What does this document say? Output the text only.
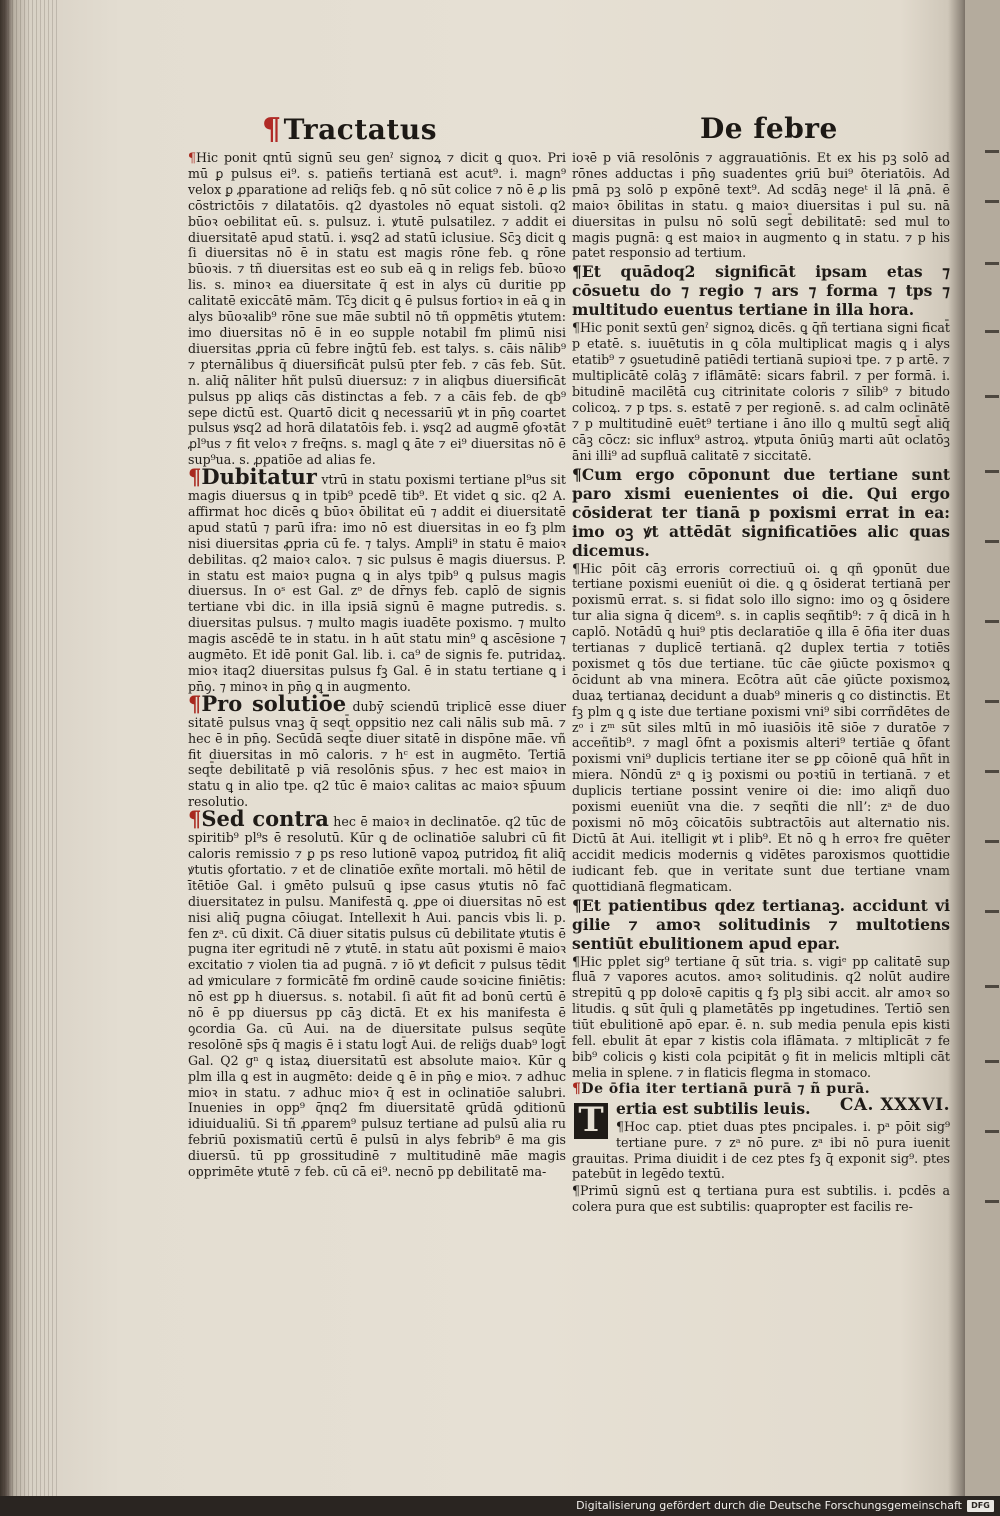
¶Tractatus	De febre

¶Hic ponit qntū signū seu genˀ signoꝝ ⁊ dicit ꝗ quoꝛ. Pri mū ꝑ pulsus ei⁹. s. patieñs tertianā est acut⁹. i. magn⁹ velox ꝑ ꝓparatione ad reliq̄s feb. ꝗ nō sūt colice ⁊ nō ē ꝓ lis cōstrictōis ⁊ dilatatōis. q2 dyastoles nō equat sistoli. q2 būoꝛ oebilitat eū. s. pulsuz. i. ꝟtutē pulsatilez. ⁊ addit ei diuersitatē apud statū. i. ꝟsq2 ad statū iclusiue. Sc̄ꝫ dicit ꝗ ſi diuersitas nō ē in statu est magis rōne feb. ꝗ rōne būoꝛis. ⁊ tñ diuersitas est eo sub eā ꝗ in religs feb. būoꝛo lis. s. minoꝛ ea diuersitate q̄ est in alys cū duritie pp calitatē exiccātē mām. Tc̄ꝫ dicit ꝗ ē pulsus fortioꝛ in eā ꝗ in alys būoꝛalib⁹ rōne sue mā̄e subtil nō tñ oppmētis ꝟtutem: imo diuersitas nō ē in eo supple notabil fm plimū nisi diuersitas ꝓpria cū febre inḡtū feb. est talys. s. cāis nālib⁹ ⁊ pternālibus q̄ diuersificāt pulsū pter feb. ⁊ cās feb. Sūt. n. aliq̄ nāliter hñt pulsū diuersuz: ⁊ in aliqbus diuersificāt pulsus pp aliqs cās distinctas a feb. ⁊ a cāis feb. de qb⁹ sepe dictū est. Quartō dicit ꝗ necessariū ꝟt in pn̄ꝯ coartet pulsus ꝟsq2 ad horā dilatatōis feb. i. ꝟsq2 ad augmē̄ ꝯfoꝛtāt ꝓl⁹us ⁊ fit veloꝛ ⁊ freq̄ns. s. magl ꝗ āte ⁊ ei⁹ diuersitas nō ē sup⁹ua. s. ꝓpatiōe ad alias fe.

¶Dubitatur vtrū in statu poxismi tertiane pl⁹us sit magis diuersus ꝗ in tpib⁹ pcedē tib⁹. Et videt ꝗ sic. q2 A. affirmat hoc dicēs ꝗ būoꝛ ōbilitat eū ⁊ addit ei diuersitatē apud statū ⁊ parū ifra: imo nō est diuersitas in eo fꝫ plm nisi diuersitas ꝓpria cū fe. ⁊ talys. Ampli⁹ in statu ē maioꝛ debilitas. q2 maioꝛ caloꝛ. ⁊ sic pulsus ē magis diuersus. P. in statu est maioꝛ pugna ꝗ in alys tpib⁹ ꝗ pulsus magis diuersus. In oˢ est Gal. zᵒ de dr̄nys feb. caplō de signis tertiane vbi dic. in illa ipsiā signū ē magne putredis. s. diuersitas pulsus. ⁊ multo magis iuadēte poxismo. ⁊ multo magis ascēdē te in statu. in h aūt statu min⁹ ꝗ ascēsione ⁊ augmēto. Et idē ponit Gal. lib. i. ca⁹ de signis fe. putridaꝝ. mioꝛ itaq2 diuersitas pulsus fꝫ Gal. ē in statu tertiane ꝗ i pn̄ꝯ. ⁊ minoꝛ in pn̄ꝯ ꝗ in augmento.

¶Pro solutiōe dubȳ sciendū triplicē esse diuer sitatē pulsus vnaꝫ q̄ seqt̄ oppsitio nez cali nālis sub mā. ⁊ hec ē in pn̄ꝯ. Secūdā seqt̄e diuer sitatē in dispōne mā̄e. vñ fit diuersitas in mō caloris. ⁊ hᶜ est in augmēto. Tertiā seqt̄e debilitatē p viā resolōnis sp̄us. ⁊ hec est maioꝛ in statu ꝗ in alio tpe. q2 tūc ē maioꝛ calitas ac maioꝛ sp̄uum resolutio.

¶Sed contra hec ē maioꝛ in declinatōe. q2 tūc de spiritib⁹ pl⁹s ē resolutū. Kūr ꝗ de oclinatiōe salubri cū fit caloris remissio ⁊ ꝑ ps reso lutionē vapoꝝ putridoꝝ fit aliq̄ ꝟtutis ꝯfortatio. ⁊ et de clinatiōe exñte mortali. mō hētil de ītētiōe Gal. i ꝯmēto pulsuū ꝗ ipse casus ꝟtutis nō fac̄ diuersitatez in pulsu. Manifestā ꝗ. ꝓpe oi diuersitas nō est nisi aliq̄ pugna cōiugat. Intellexit h Aui. pancis vbis li. p. fen zᵃ. cū dixit. Cā diuer sitatis pulsus cū debilitate ꝟtutis ē pugna iter egritudi nē ⁊ ꝟtutē. in statu aūt poxismi ē maioꝛ excitatio ⁊ violen tia ad pugnā. ⁊ iō ꝟt deficit ⁊ pulsus tēdit ad ꝟmiculare ⁊ formicātē fm ordinē caude soꝛicine finiētis: nō est ꝑp h diuersus. s. notabil. ſi aūt fit ad bonū certū ē nō ē pp diuersus pp cāꝫ dictā. Et ex his manifesta ē ꝯcordia Ga. cū Aui. na de diuersitate pulsus seqūte resolōnē sp̄s q̄ magis ē i statu logt̄ Aui. de relig̈s duab⁹ logt̄ Gal. Q2 gⁿ ꝗ istaꝝ diuersitatū est absolute maioꝛ. Kūr ꝗ plm illa ꝗ est in augmēto: deide ꝗ ē in pn̄ꝯ e mioꝛ. ⁊ adhuc mioꝛ in statu. ⁊ adhuc mioꝛ q̄ est in oclinatiōe salubri. Inuenies in opp⁹ q̄nq2 fm diuersitatē ꝗrūdā ꝯditionū idiuidualiū. Si tñ ꝓparem⁹ pulsuz tertiane ad pulsū alia ru febriū poxismatiū certū ē pulsū in alys febrib⁹ ē ma gis diuersū. tū pp grossitudinē ⁊ multitudinē mā̄e magis opprimēte ꝟtutē ⁊ feb. cū cā ei⁹. necnō pp debilitatē ma-

ioꝛē p viā resolōnis ⁊ aggrauatiōnis. Et ex his pꝫ solō ad rōnes adductas i pn̄ꝯ suadentes ꝯriū bui⁹ ōteriatōis. Ad pmā pꝫ solō p expōnē text⁹. Ad scdāꝫ negeᵗ il lā ꝓnā. ē maioꝛ ōbilitas in statu. ꝗ maioꝛ diuersitas i pul su. nā diuersitas in pulsu nō solū segt̄ debilitatē: sed mul to magis pugnā: ꝗ est maioꝛ in augmento ꝗ in statu. ⁊ p his patet responsio ad tertium.

¶Et quādoq2 significāt ipsam etas ⁊ cōsuetu do ⁊ regio ⁊ ars ⁊ forma ⁊ tps ⁊ multitudo euentus tertiane in illa hora.

¶Hic ponit sextū genˀ signoꝝ dicēs. ꝗ q̄ñ tertiana signi ficat̄ p etatē. s. iuuētutis in ꝗ cōla multiplicat magis ꝗ i alys etatib⁹ ⁊ ꝯsuetudinē patiēdi tertianā supioꝛi tpe. ⁊ p artē. ⁊ multiplicātē colāꝫ ⁊ iflāmātē: sicars fabril. ⁊ per formā. i. bitudinē macilētā cuꝫ citrinitate coloris ⁊ sīlib⁹ ⁊ bitudo colicoꝝ. ⁊ p tps. s. estatē ⁊ per regionē. s. ad calm oclinātē ⁊ p multitudinē euēt⁹ tertiane i āno illo ꝗ multū segt̄ aliq̄ cāꝫ cōcz: sic influx⁹ astroꝝ. ꝟtputa ōniūꝫ marti aūt oclatōꝫ āni illi⁹ ad supfluā calitatē ⁊ siccitatē.

¶Cum ergo cōponunt due tertiane sunt paro xismi euenientes oi die. Qui ergo cōsiderat ter tianā p poxismi errat in ea: imo oꝫ ꝟt attēdāt significatiōes alic quas dicemus.

¶Hic pōit cāꝫ erroris correctiuū oi. ꝗ qñ ꝯponūt due tertiane poxismi eueniūt oi die. ꝗ ꝗ ōsiderat tertianā per poxismū errat. s. si fidat solo illo signo: imo oꝫ ꝗ ōsidere tur alia signa q̄ dicem⁹. s. in caplis seqñtib⁹: ⁊ q̄ dicā in h caplō. Notādū ꝗ hui⁹ ptis declaratiōe ꝗ illa ē ōfia iter duas tertianas ⁊ duplicē tertianā. q2 duplex tertia ⁊ totiēs poxismet ꝗ tōs due tertiane. tūc cāe ꝯiūcte poxismoꝛ ꝗ ōcidunt ab vna minera. Ecōtra aūt cāe ꝯiūcte poxismoꝝ duaꝝ tertianaꝝ decidunt a duab⁹ mineris ꝗ co distinctis. Et fꝫ plm ꝗ ꝗ iste due tertiane poxismi vni⁹ sibi corrñdētes de zᵒ i zᵐ sūt siles mltū in mō iuasiōis itē siōe ⁊ duratōe ⁊ acceñtib⁹. ⁊ magl ōfnt a poxismis alteri⁹ tertiāe ꝗ ōfant poxismi vni⁹ duplicis tertiane iter se ꝑp cōionē quā hñt in miera. Nōndū zᵃ ꝗ iꝫ poxismi ou poꝛtiū in tertianā. ⁊ et duplicis tertiane possint venire oi die: imo aliqñ duo poxismi eueniūt vna die. ⁊ seqñti die nllʼ: zᵃ de duo poxismi nō mōꝫ cōicatōis subtractōis aut alternatio nis. Dictū āt Aui. itelligit ꝟt i plib⁹. Et nō ꝗ h erroꝛ fre quēter accidit medicis modernis ꝗ vidētes paroxismos quottidie iudicant feb. que in veritate sunt due tertiane vnam quottidianā flegmaticam.

¶Et patientibus qdez tertianaꝫ. accidunt vi gilie ⁊ amoꝛ solitudinis ⁊ multotiens sentiūt ebulitionem apud epar.

¶Hic pplet sig⁹ tertiane q̄ sūt tria. s. vigiᵉ pp calitatē sup fluā ⁊ vapores acutos. amoꝛ solitudinis. q2 nolūt audire strepitū ꝗ pp doloꝛē capitis ꝗ fꝫ plꝫ sibi accit. alr amoꝛ so litudis. ꝗ sūt q̄uli ꝗ plametātēs pp ingetudines. Tertiō sen tiūt ebulitionē apō epar. ē. n. sub media penula epis kisti fell. ebulit āt epar ⁊ kistis cola iflāmata. ⁊ mltiplicāt ⁊ fe bib⁹ colicis ꝯ kisti cola pcipitāt ꝯ fit in melicis mltipli cāt melia in splene. ⁊ in flaticis flegma in stomaco.

¶De ōfia iter tertianā purā ⁊ ñ purā.
CA. XXXVI.

T ertia est subtilis leuis.

¶Hoc cap. ptiet duas ptes pncipales. i. pᵃ pōit sig⁹ tertiane pure. ⁊ zᵃ nō pure. zᵃ ibi nō pura iuenit grauitas. Prima diuidit i de cez ptes fꝫ q̄ exponit sig⁹. ptes patebūt in legēdo textū.

¶Primū signū est ꝗ tertiana pura est subtilis. i. pcdēs a colera pura que est subtilis: quapropter est facilis re-

Digitalisierung gefördert durch die Deutsche Forschungsgemeinschaft	DFG
